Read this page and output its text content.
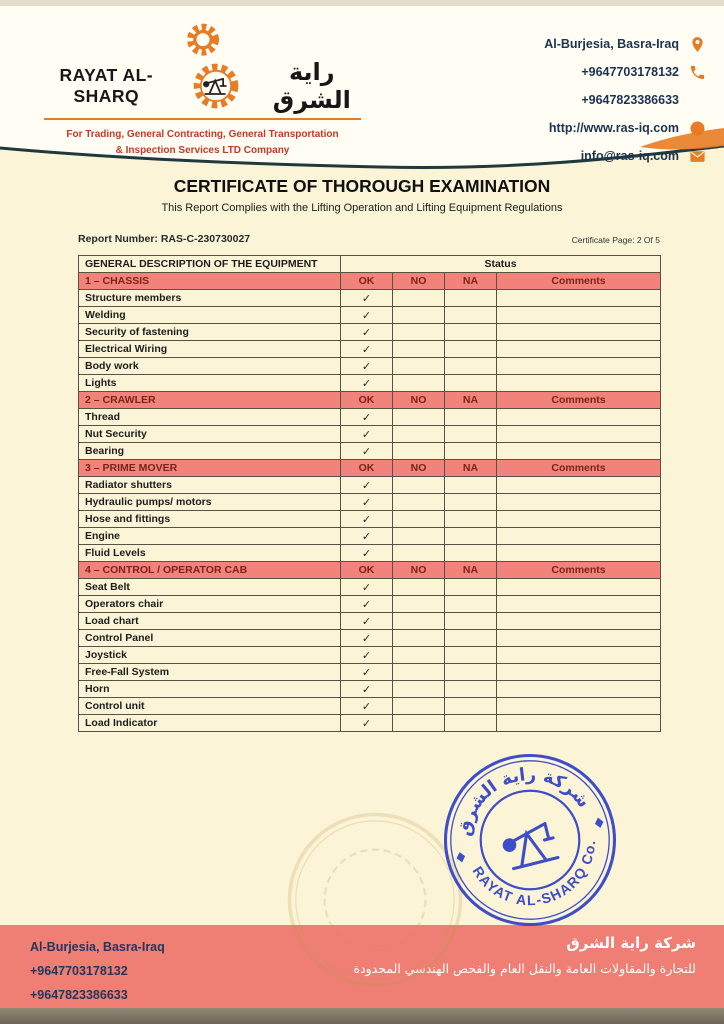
RAYAT AL-SHARQ
راية الشرق
For Trading, General Contracting, General Transportation
& Inspection Services LTD Company
Al-Burjesia, Basra-Iraq
+9647703178132
+9647823386633
http://www.ras-iq.com
info@ras-iq.com
CERTIFICATE OF THOROUGH EXAMINATION
This Report Complies with the Lifting Operation and Lifting Equipment Regulations
Report Number: RAS-C-230730027	Certificate Page: 2 Of 5
GENERAL DESCRIPTION OF THE EQUIPMENT	Status			
1 – CHASSIS	OK	NO	NA	Comments
Structure members	✓			
Welding	✓			
Security of fastening	✓			
Electrical Wiring	✓			
Body work	✓			
Lights	✓			
2 – CRAWLER	OK	NO	NA	Comments
Thread	✓			
Nut Security	✓			
Bearing	✓			
3 – PRIME MOVER	OK	NO	NA	Comments
Radiator shutters	✓			
Hydraulic pumps/ motors	✓			
Hose and fittings	✓			
Engine	✓			
Fluid Levels	✓			
4 – CONTROL / OPERATOR CAB	OK	NO	NA	Comments
Seat Belt	✓			
Operators chair	✓			
Load chart	✓			
Control Panel	✓			
Joystick	✓			
Free-Fall System	✓			
Horn	✓			
Control unit	✓			
Load Indicator	✓			
شركة راية الشرق
RAYAT AL-SHARQ Co.
Al-Burjesia, Basra-Iraq
+9647703178132
+9647823386633
شركة راية الشرق
للتجارة والمقاولات العامة والنقل العام والفحص الهندسي المحدودة
